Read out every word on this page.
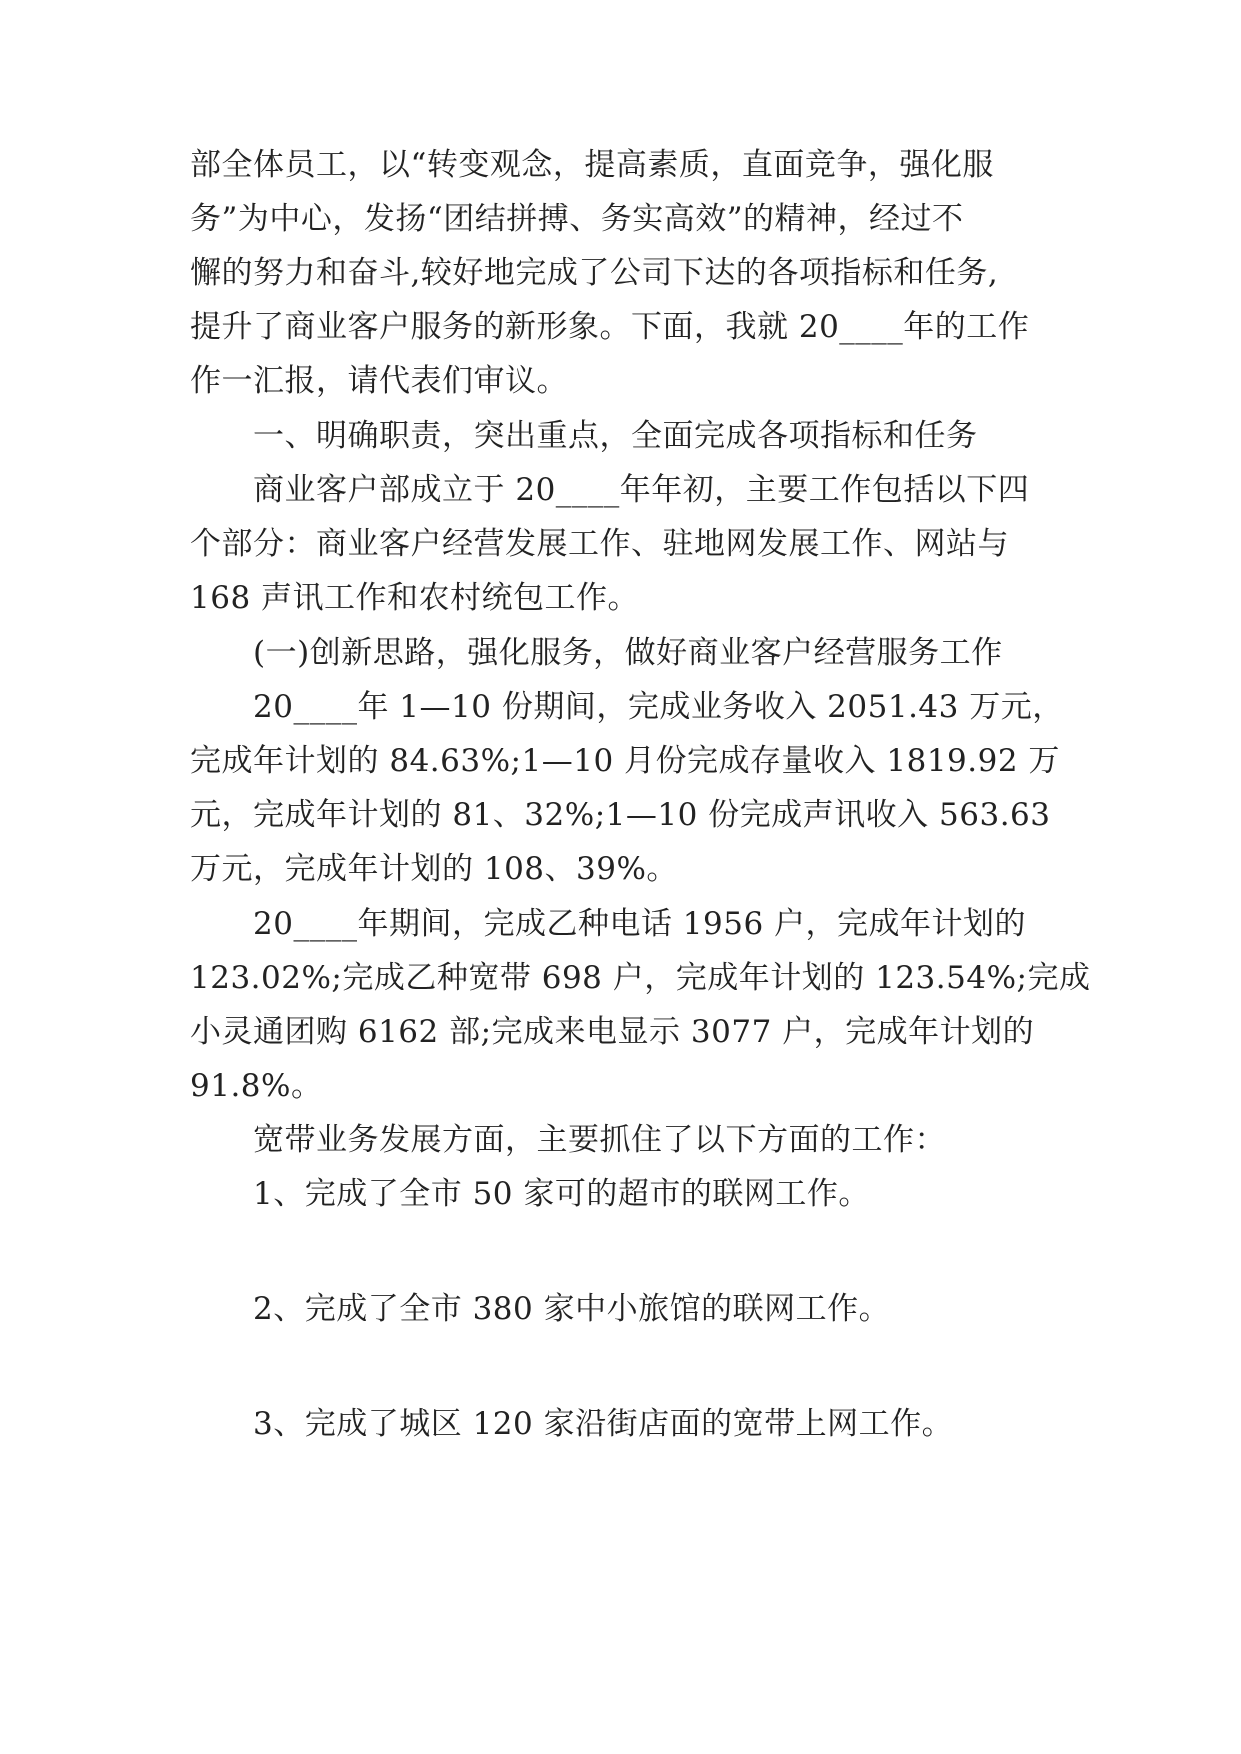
部全体员工，以“转变观念，提高素质，直面竞争，强化服
务”为中心，发扬“团结拼搏、务实高效”的精神，经过不
懈的努力和奋斗,较好地完成了公司下达的各项指标和任务,
提升了商业客户服务的新形象。下面，我就 20____年的工作
作一汇报，请代表们审议。
一、明确职责，突出重点，全面完成各项指标和任务
商业客户部成立于 20____年年初，主要工作包括以下四
个部分：商业客户经营发展工作、驻地网发展工作、网站与
168 声讯工作和农村统包工作。
(一)创新思路，强化服务，做好商业客户经营服务工作
20____年 1—10 份期间，完成业务收入 2051.43 万元，
完成年计划的 84.63%;1—10 月份完成存量收入 1819.92 万
元，完成年计划的 81、32%;1—10 份完成声讯收入 563.63
万元，完成年计划的 108、39%。
20____年期间，完成乙种电话 1956 户，完成年计划的
123.02%;完成乙种宽带 698 户，完成年计划的 123.54%;完成
小灵通团购 6162 部;完成来电显示 3077 户，完成年计划的
91.8%。
宽带业务发展方面，主要抓住了以下方面的工作：
1、完成了全市 50 家可的超市的联网工作。
2、完成了全市 380 家中小旅馆的联网工作。
3、完成了城区 120 家沿街店面的宽带上网工作。
